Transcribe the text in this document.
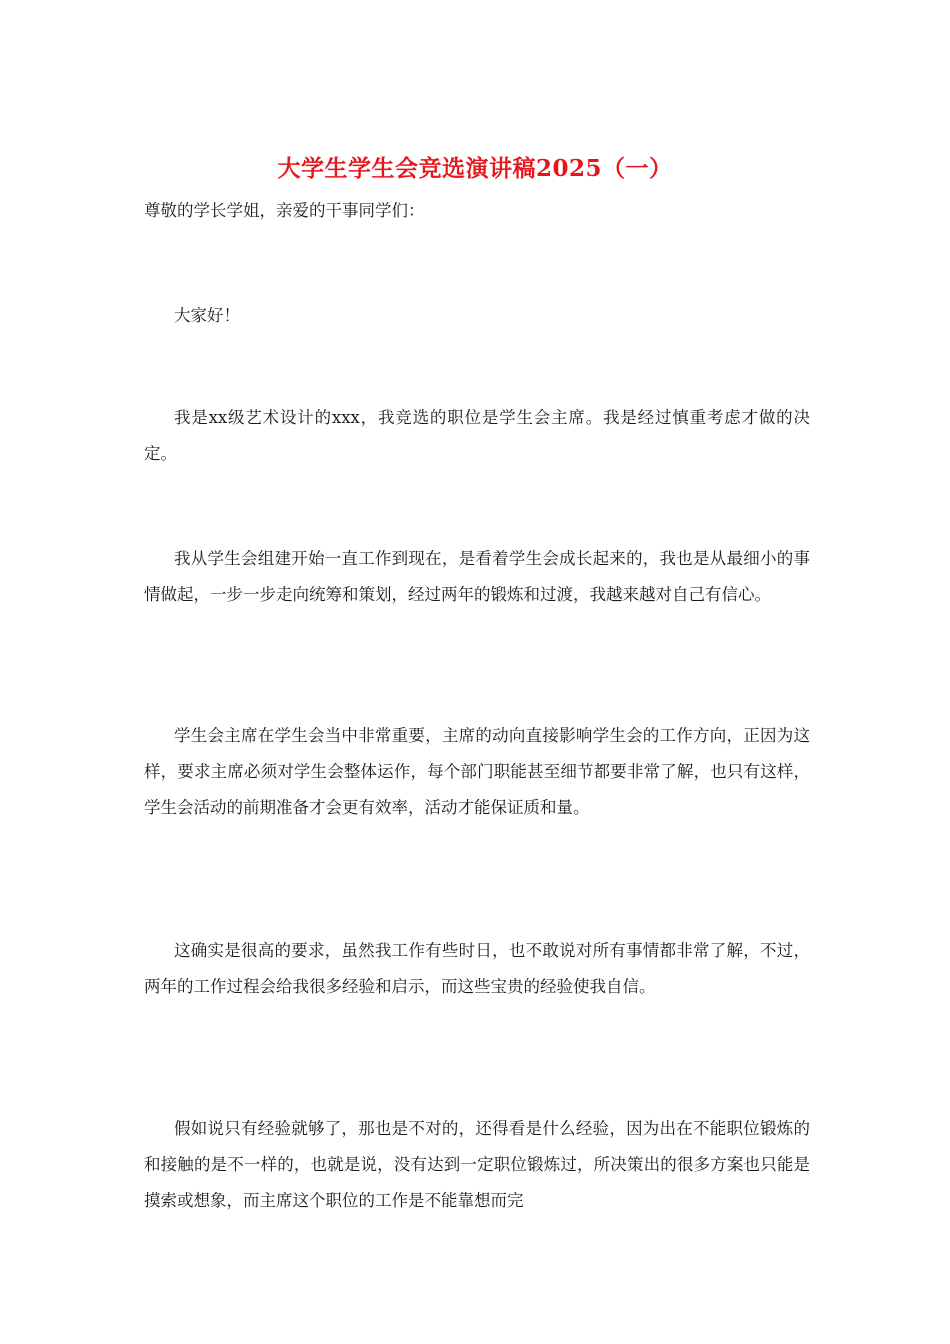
大学生学生会竞选演讲稿2025（一）
尊敬的学长学姐，亲爱的干事同学们：
大家好！
我是xx级艺术设计的xxx，我竞选的职位是学生会主席。我是经过慎重考虑才做的决定。
我从学生会组建开始一直工作到现在，是看着学生会成长起来的，我也是从最细小的事情做起，一步一步走向统筹和策划，经过两年的锻炼和过渡，我越来越对自己有信心。
学生会主席在学生会当中非常重要，主席的动向直接影响学生会的工作方向，正因为这样，要求主席必须对学生会整体运作，每个部门职能甚至细节都要非常了解，也只有这样，学生会活动的前期准备才会更有效率，活动才能保证质和量。
这确实是很高的要求，虽然我工作有些时日，也不敢说对所有事情都非常了解，不过，两年的工作过程会给我很多经验和启示，而这些宝贵的经验使我自信。
假如说只有经验就够了，那也是不对的，还得看是什么经验，因为出在不能职位锻炼的和接触的是不一样的，也就是说，没有达到一定职位锻炼过，所决策出的很多方案也只能是摸索或想象，而主席这个职位的工作是不能靠想而完
